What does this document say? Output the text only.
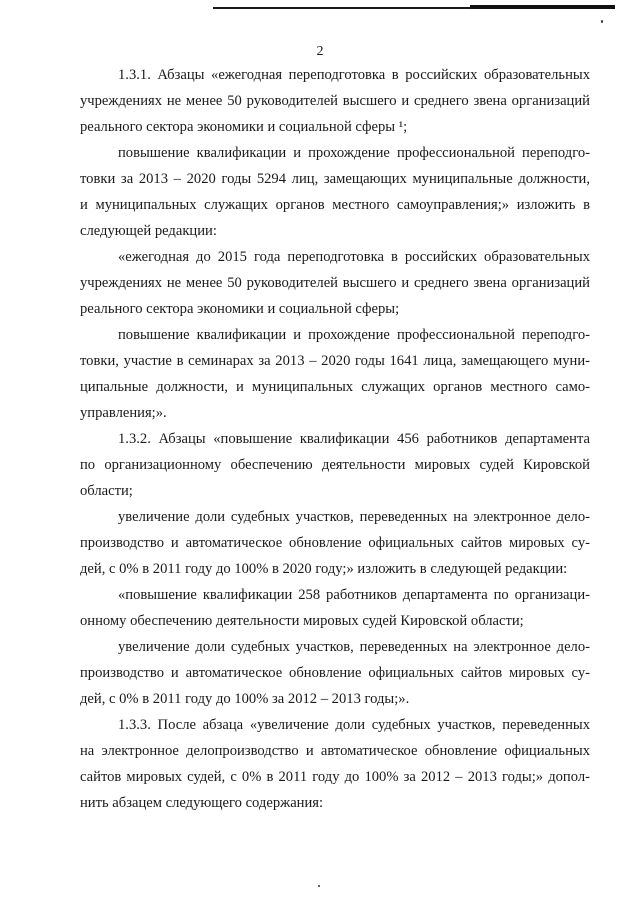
2
1.3.1. Абзацы «ежегодная переподготовка в российских образовательных
учреждениях не менее 50 руководителей высшего и среднего звена организаций
реального сектора экономики и социальной сферы ¹;
повышение квалификации и прохождение профессиональной переподго-
товки за 2013 – 2020 годы 5294 лиц, замещающих муниципальные должности,
и муниципальных служащих органов местного самоуправления;» изложить в
следующей редакции:
«ежегодная до 2015 года переподготовка в российских образовательных
учреждениях не менее 50 руководителей высшего и среднего звена организаций
реального сектора экономики и социальной сферы;
повышение квалификации и прохождение профессиональной переподго-
товки, участие в семинарах за 2013 – 2020 годы 1641 лица, замещающего муни-
ципальные должности, и муниципальных служащих органов местного само-
управления;».
1.3.2. Абзацы «повышение квалификации 456 работников департамента
по организационному обеспечению деятельности мировых судей Кировской
области;
увеличение доли судебных участков, переведенных на электронное дело-
производство и автоматическое обновление официальных сайтов мировых су-
дей, с 0% в 2011 году до 100% в 2020 году;» изложить в следующей редакции:
«повышение квалификации 258 работников департамента по организаци-
онному обеспечению деятельности мировых судей Кировской области;
увеличение доли судебных участков, переведенных на электронное дело-
производство и автоматическое обновление официальных сайтов мировых су-
дей, с 0% в 2011 году до 100% за 2012 – 2013 годы;».
1.3.3. После абзаца «увеличение доли судебных участков, переведенных
на электронное делопроизводство и автоматическое обновление официальных
сайтов мировых судей, с 0% в 2011 году до 100% за 2012 – 2013 годы;» допол-
нить абзацем следующего содержания:
